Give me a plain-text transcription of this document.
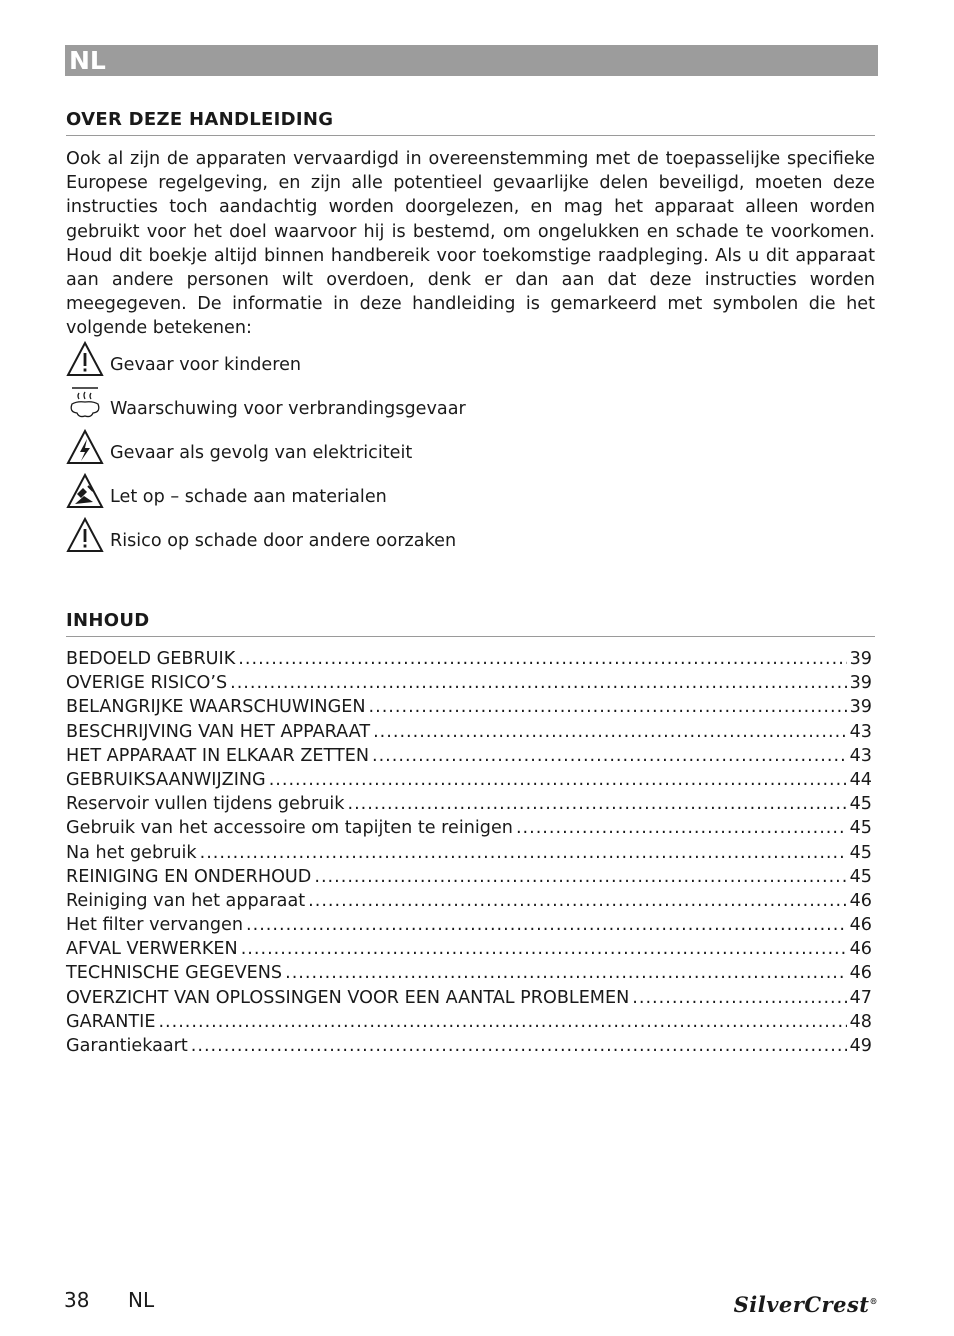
NL
OVER DEZE HANDLEIDING

Ook al zijn de apparaten vervaardigd in overeenstemming met de toepasselijke specifieke Europese regelgeving, en zijn alle potentieel gevaarlijke delen beveiligd, moeten deze instructies toch aandachtig worden doorgelezen, en mag het apparaat alleen worden gebruikt voor het doel waarvoor hij is bestemd, om ongelukken en schade te voorkomen. Houd dit boekje altijd binnen handbereik voor toekomstige raadpleging. Als u dit apparaat aan andere personen wilt overdoen, denk er dan aan dat deze instructies worden meegegeven. De informatie in deze handleiding is gemarkeerd met symbolen die het volgende betekenen:

Gevaar voor kinderen
Waarschuwing voor verbrandingsgevaar
Gevaar als gevolg van elektriciteit
Let op – schade aan materialen
Risico op schade door andere oorzaken
INHOUD
BEDOELD GEBRUIK .....	39
OVERIGE RISICO’S .....	39
BELANGRIJKE WAARSCHUWINGEN .....	39
BESCHRIJVING VAN HET APPARAAT .....	43
HET APPARAAT IN ELKAAR ZETTEN .....	43
GEBRUIKSAANWIJZING .....	44
Reservoir vullen tijdens gebruik .....	45
Gebruik van het accessoire om tapijten te reinigen .....	45
Na het gebruik .....	45
REINIGING EN ONDERHOUD .....	45
Reiniging van het apparaat .....	46
Het filter vervangen .....	46
AFVAL VERWERKEN .....	46
TECHNISCHE GEGEVENS .....	46
OVERZICHT VAN OPLOSSINGEN VOOR EEN AANTAL PROBLEMEN .....	47
GARANTIE .....	48
Garantiekaart .....	49
38 NL	SilverCrest®
